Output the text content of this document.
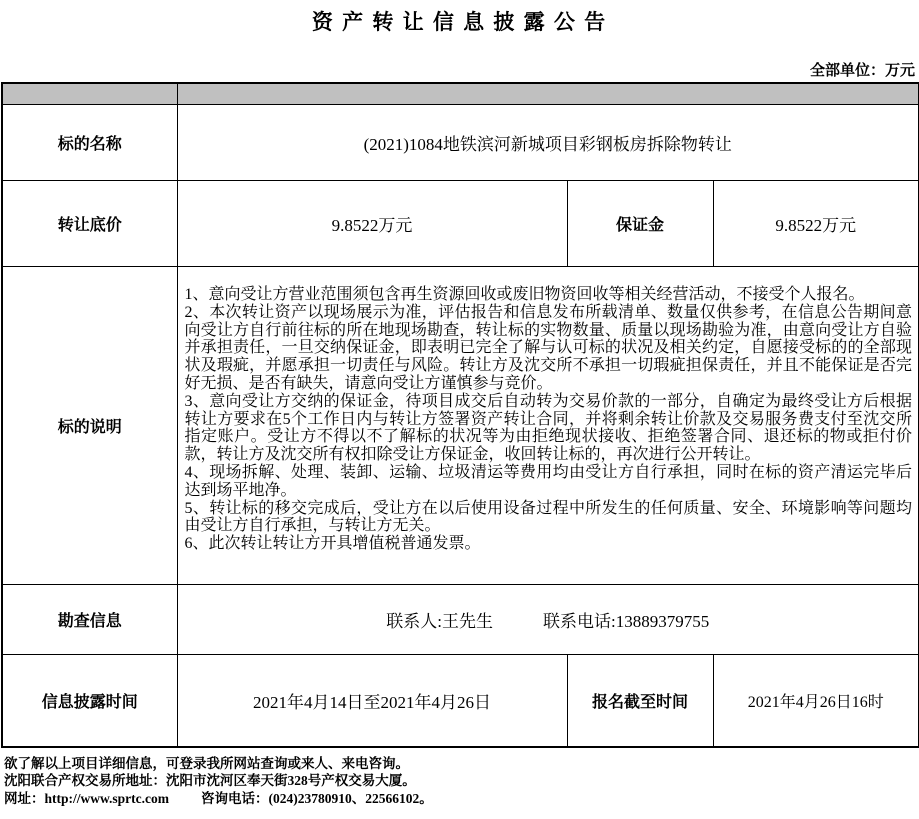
资 产 转 让 信 息 披 露 公 告
全部单位：万元

标的名称	(2021)1084地铁滨河新城项目彩钢板房拆除物转让		
转让底价	9.8522万元	保证金	9.8522万元
标的说明	
1、意向受让方营业范围须包含再生资源回收或废旧物资回收等相关经营活动，不接受个人报名。
2、本次转让资产以现场展示为准，评估报告和信息发布所载清单、数量仅供参考，在信息公告期间意向受让方自行前往标的所在地现场勘查，转让标的实物数量、质量以现场勘验为准，由意向受让方自验并承担责任，一旦交纳保证金，即表明已完全了解与认可标的状况及相关约定，自愿接受标的的全部现状及瑕疵，并愿承担一切责任与风险。转让方及沈交所不承担一切瑕疵担保责任，并且不能保证是否完好无损、是否有缺失，请意向受让方谨慎参与竞价。
3、意向受让方交纳的保证金，待项目成交后自动转为交易价款的一部分，自确定为最终受让方后根据转让方要求在5个工作日内与转让方签署资产转让合同，并将剩余转让价款及交易服务费支付至沈交所指定账户。受让方不得以不了解标的状况等为由拒绝现状接收、拒绝签署合同、退还标的物或拒付价款，转让方及沈交所有权扣除受让方保证金，收回转让标的，再次进行公开转让。
4、现场拆解、处理、装卸、运输、垃圾清运等费用均由受让方自行承担，同时在标的资产清运完毕后达到场平地净。
5、转让标的移交完成后，受让方在以后使用设备过程中所发生的任何质量、安全、环境影响等问题均由受让方自行承担，与转让方无关。
6、此次转让转让方开具增值税普通发票。

勘查信息	联系人:王先生 联系电话:13889379755		
信息披露时间	2021年4月14日至2021年4月26日	报名截至时间	2021年4月26日16时
欲了解以上项目详细信息，可登录我所网站查询或来人、来电咨询。
沈阳联合产权交易所地址：沈阳市沈河区奉天街328号产权交易大厦。
网址：http://www.sprtc.com 咨询电话：(024)23780910、22566102。
